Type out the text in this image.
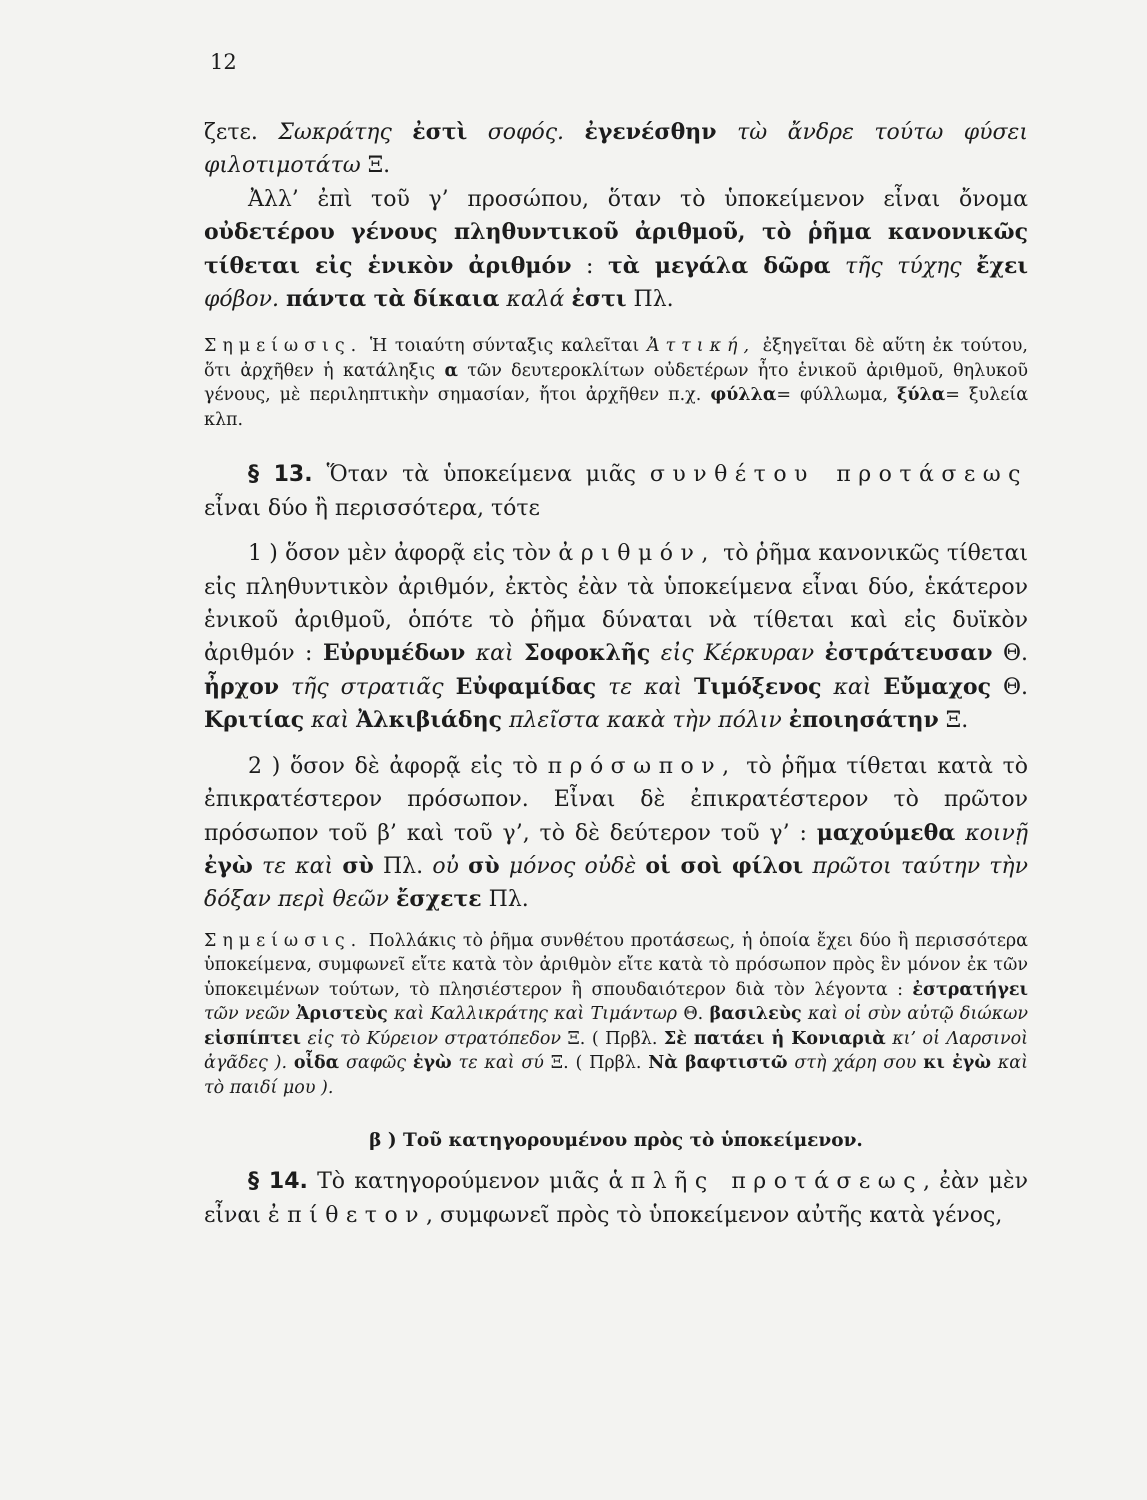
12

ζετε. Σωκράτης ἐστὶ σοφός. ἐγενέσθην τὼ ἄνδρε τούτω φύσει φιλοτιμοτάτω Ξ.

Ἀλλ’ ἐπὶ τοῦ γ’ προσώπου, ὅταν τὸ ὑποκείμενον εἶναι ὄνομα οὐδετέρου γένους πληθυντικοῦ ἀριθμοῦ, τὸ ῥῆμα κανονικῶς τίθεται εἰς ἑνικὸν ἀριθμόν : τὰ μεγάλα δῶρα τῆς τύχης ἔχει φόβον. πάντα τὰ δίκαια καλά ἐστι Πλ.

Σημείωσις. Ἡ τοιαύτη σύνταξις καλεῖται Ἀττική, ἐξηγεῖται δὲ αὕτη ἐκ τούτου, ὅτι ἀρχῆθεν ἡ κατάληξις α τῶν δευτεροκλίτων οὐδετέρων ἦτο ἑνικοῦ ἀριθμοῦ, θηλυκοῦ γένους, μὲ περιληπτικὴν σημασίαν, ἤτοι ἀρχῆθεν π.χ. φύλλα= φύλλωμα, ξύλα= ξυλεία κλπ.

§ 13. Ὅταν τὰ ὑποκείμενα μιᾶς συνθέτου προτάσεως εἶναι δύο ἢ περισσότερα, τότε

1 ) ὅσον μὲν ἀφορᾷ εἰς τὸν ἀριθμόν, τὸ ῥῆμα κανονικῶς τίθεται εἰς πληθυντικὸν ἀριθμόν, ἐκτὸς ἐὰν τὰ ὑποκείμενα εἶναι δύο, ἑκάτερον ἑνικοῦ ἀριθμοῦ, ὁπότε τὸ ῥῆμα δύναται νὰ τίθεται καὶ εἰς δυϊκὸν ἀριθμόν : Εὐρυμέδων καὶ Σοφοκλῆς εἰς Κέρκυραν ἐστράτευσαν Θ. ἦρχον τῆς στρατιᾶς Εὐφαμίδας τε καὶ Τιμόξενος καὶ Εὔμαχος Θ. Κριτίας καὶ Ἀλκιβιάδης πλεῖστα κακὰ τὴν πόλιν ἐποιησάτην Ξ.

2 ) ὅσον δὲ ἀφορᾷ εἰς τὸ πρόσωπον, τὸ ῥῆμα τίθεται κατὰ τὸ ἐπικρατέστερον πρόσωπον. Εἶναι δὲ ἐπικρατέστερον τὸ πρῶτον πρόσωπον τοῦ β’ καὶ τοῦ γ’, τὸ δὲ δεύτερον τοῦ γ’ : μαχούμεθα κοινῇ ἐγὼ τε καὶ σὺ Πλ. οὐ σὺ μόνος οὐδὲ οἱ σοὶ φίλοι πρῶτοι ταύτην τὴν δόξαν περὶ θεῶν ἔσχετε Πλ.

Σημείωσις. Πολλάκις τὸ ῥῆμα συνθέτου προτάσεως, ἡ ὁποία ἔχει δύο ἢ περισσότερα ὑποκείμενα, συμφωνεῖ εἴτε κατὰ τὸν ἀριθμὸν εἴτε κατὰ τὸ πρόσωπον πρὸς ἓν μόνον ἐκ τῶν ὑποκειμένων τούτων, τὸ πλησιέστερον ἢ σπουδαιότερον διὰ τὸν λέγοντα : ἐστρατήγει τῶν νεῶν Ἀριστεὺς καὶ Καλλικράτης καὶ Τιμάντωρ Θ. βασιλεὺς καὶ οἱ σὺν αὐτῷ διώκων εἰσπίπτει εἰς τὸ Κύρειον στρατόπεδον Ξ. ( Πρβλ. Σὲ πατάει ἡ Κονιαριὰ κι’ οἱ Λαρσινοὶ ἀγᾶδες ). οἶδα σαφῶς ἐγὼ τε καὶ σύ Ξ. ( Πρβλ. Νὰ βαφτιστῶ στὴ χάρη σου κι ἐγὼ καὶ τὸ παιδί μου ).

β ) Τοῦ κατηγορουμένου πρὸς τὸ ὑποκείμενον.

§ 14. Τὸ κατηγορούμενον μιᾶς ἁπλῆς προτάσεως, ἐὰν μὲν εἶναι ἐπίθετον, συμφωνεῖ πρὸς τὸ ὑποκείμενον αὐτῆς κατὰ γένος,
